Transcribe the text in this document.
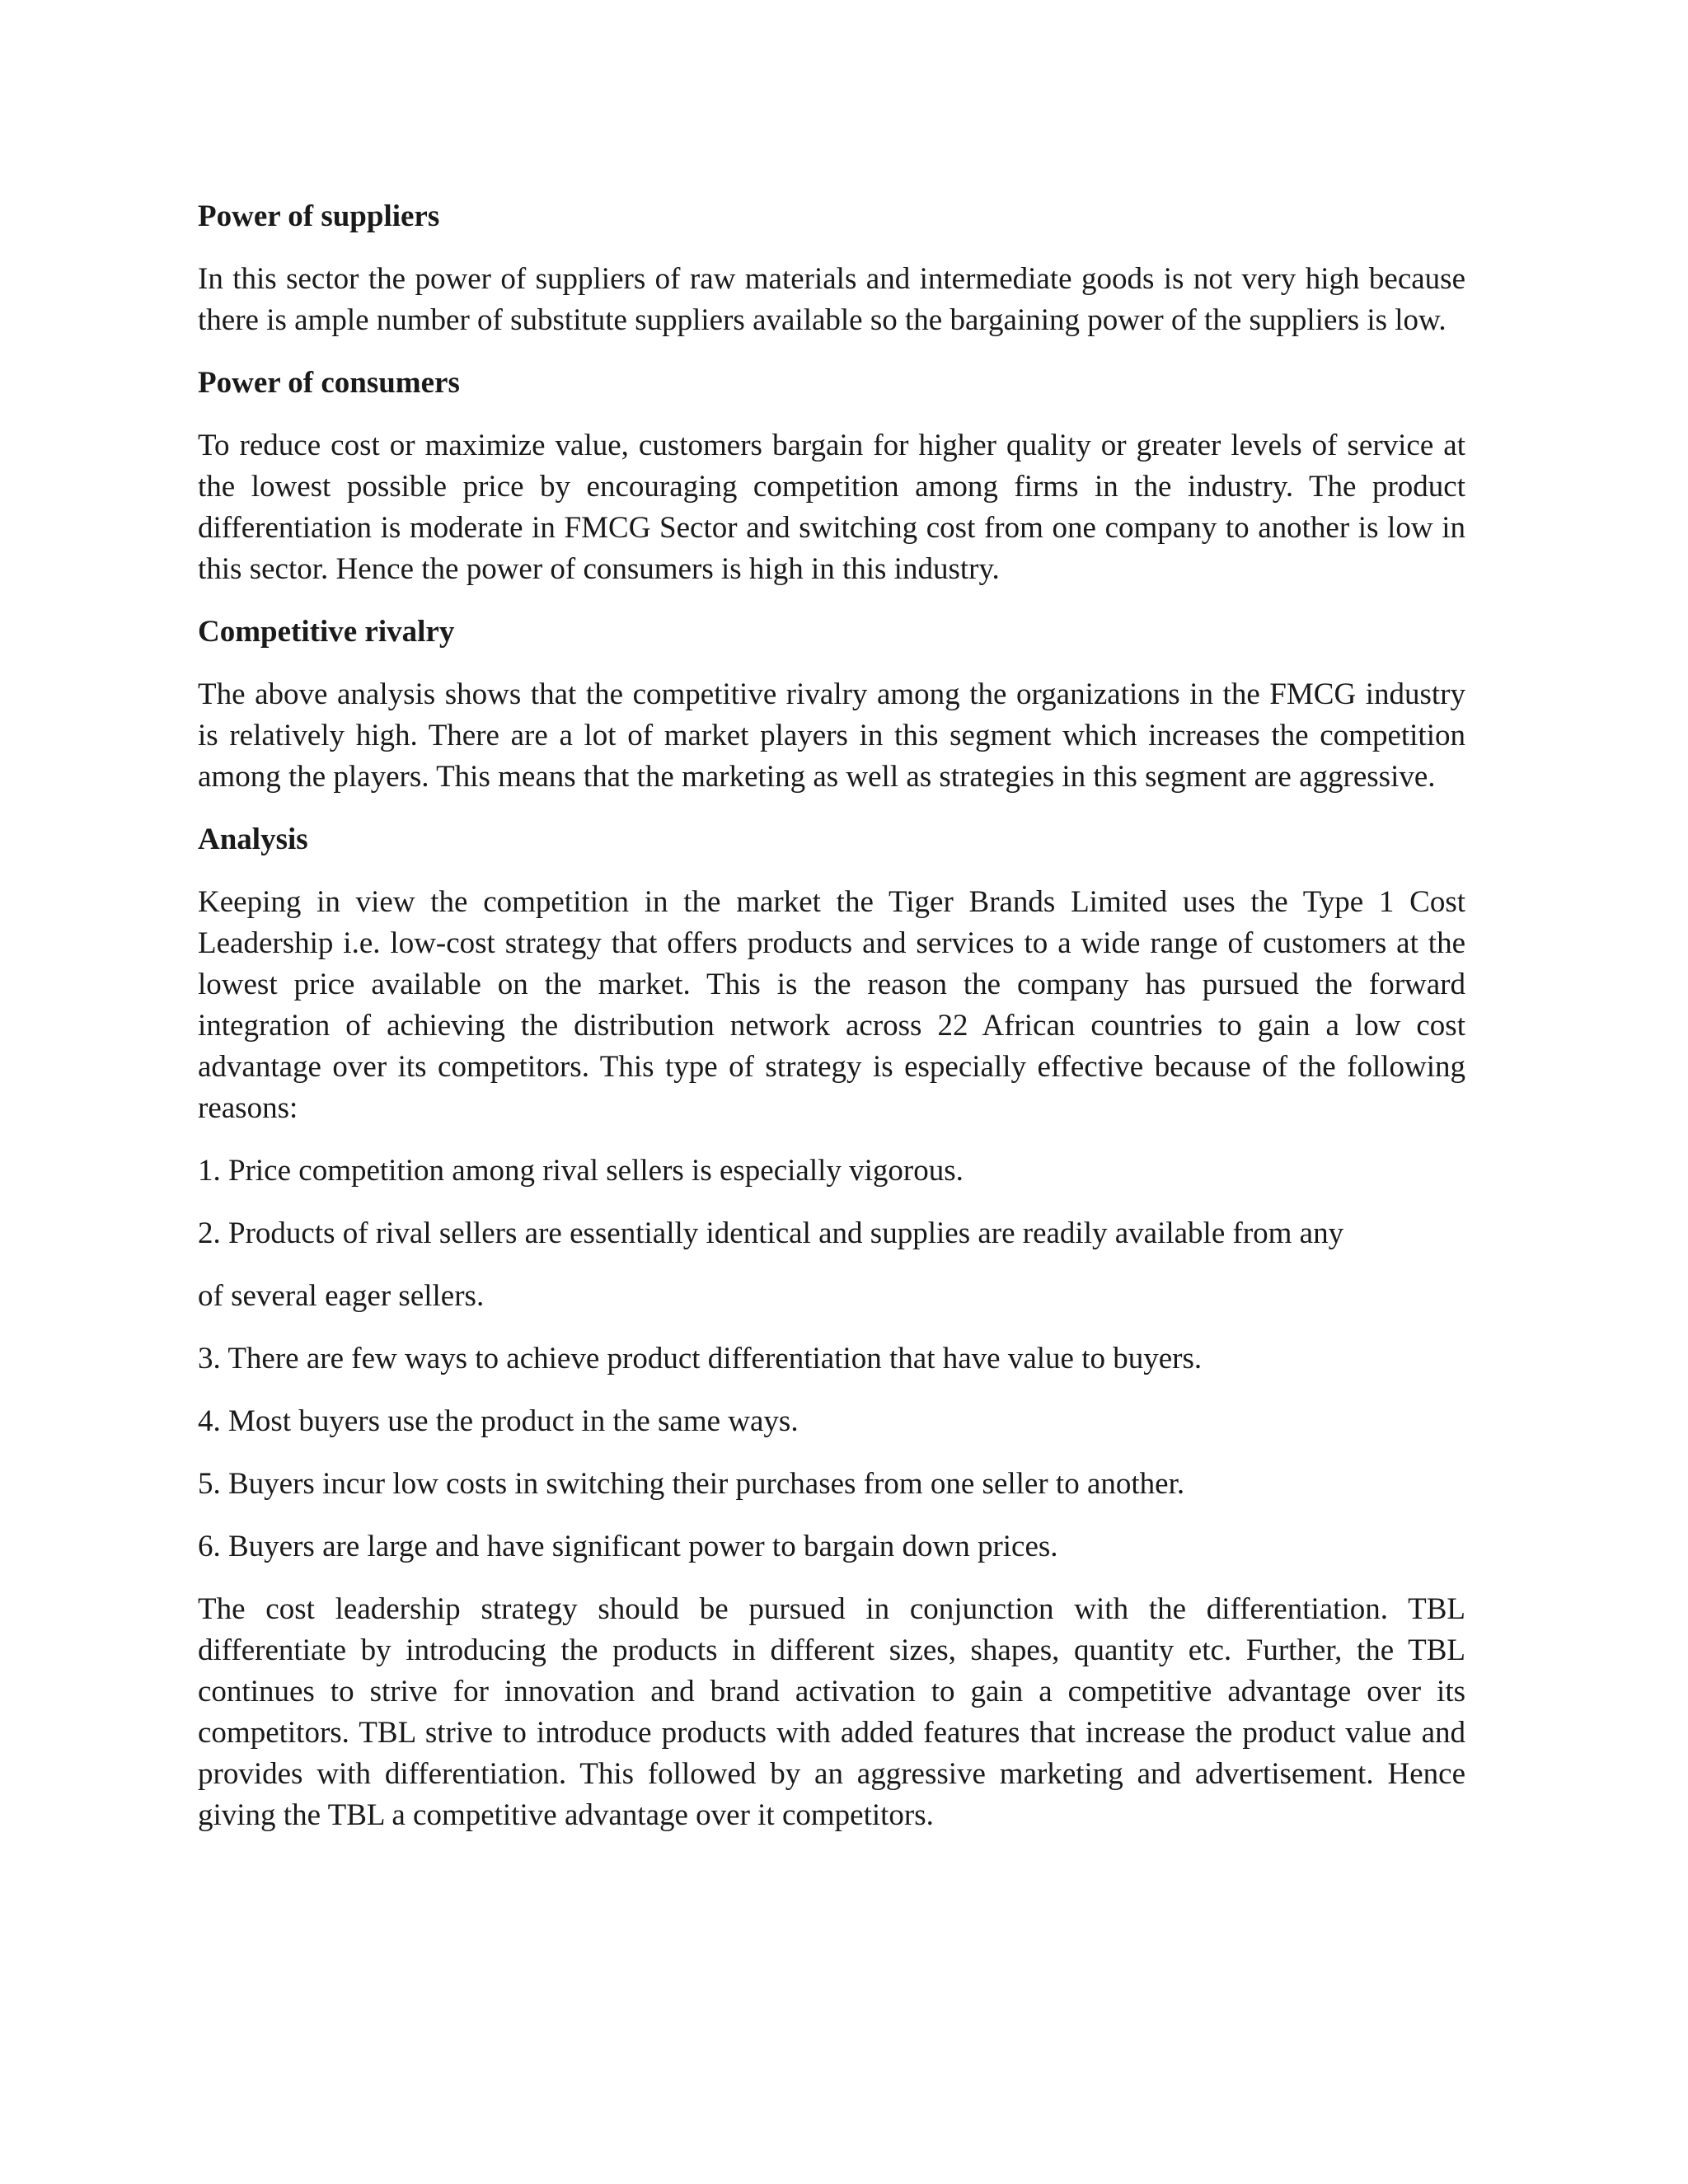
Power of suppliers
In this sector the power of suppliers of raw materials and intermediate goods is not very high because there is ample number of substitute suppliers available so the bargaining power of the suppliers is low.
Power of consumers
To reduce cost or maximize value, customers bargain for higher quality or greater levels of service at the lowest possible price by encouraging competition among firms in the industry. The product differentiation is moderate in FMCG Sector and switching cost from one company to another is low in this sector. Hence the power of consumers is high in this industry.
Competitive rivalry
The above analysis shows that the competitive rivalry among the organizations in the FMCG industry is relatively high. There are a lot of market players in this segment which increases the competition among the players. This means that the marketing as well as strategies in this segment are aggressive.
Analysis
Keeping in view the competition in the market the Tiger Brands Limited uses the Type 1 Cost Leadership i.e. low-cost strategy that offers products and services to a wide range of customers at the lowest price available on the market. This is the reason the company has pursued the forward integration of achieving the distribution network across 22 African countries to gain a low cost advantage over its competitors. This type of strategy is especially effective because of the following reasons:
1. Price competition among rival sellers is especially vigorous.
2. Products of rival sellers are essentially identical and supplies are readily available from any
of several eager sellers.
3. There are few ways to achieve product differentiation that have value to buyers.
4. Most buyers use the product in the same ways.
5. Buyers incur low costs in switching their purchases from one seller to another.
6. Buyers are large and have significant power to bargain down prices.
The cost leadership strategy should be pursued in conjunction with the differentiation. TBL differentiate by introducing the products in different sizes, shapes, quantity etc. Further, the TBL continues to strive for innovation and brand activation to gain a competitive advantage over its competitors. TBL strive to introduce products with added features that increase the product value and provides with differentiation. This followed by an aggressive marketing and advertisement. Hence giving the TBL a competitive advantage over it competitors.
